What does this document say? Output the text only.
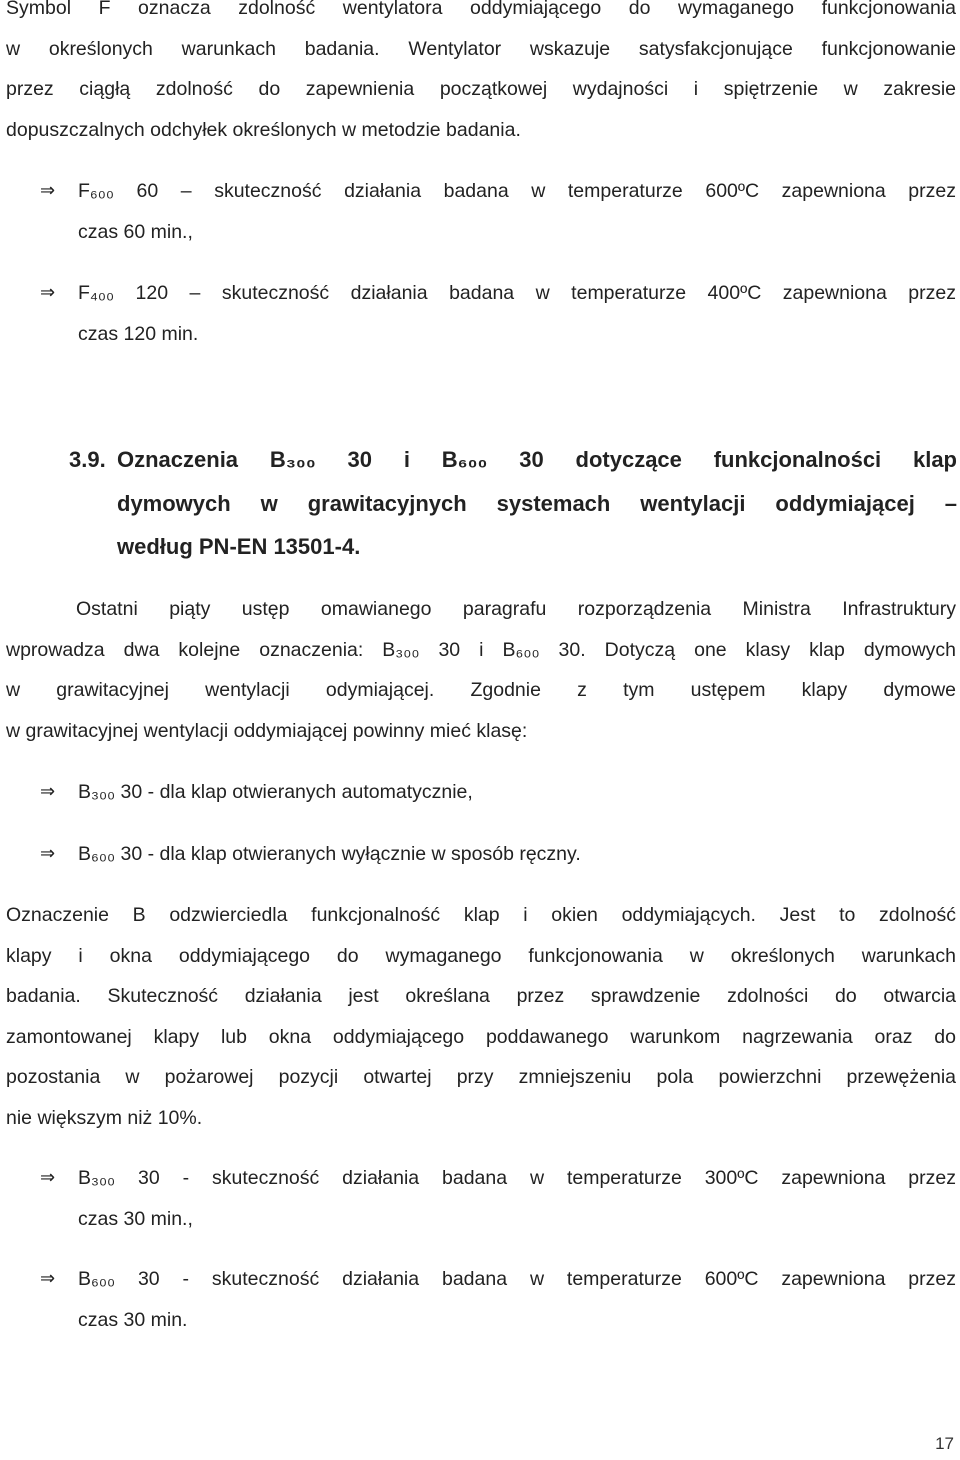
Symbol F oznacza zdolność wentylatora oddymiającego do wymaganego funkcjonowania
w określonych warunkach badania. Wentylator wskazuje satysfakcjonujące funkcjonowanie
przez ciągłą zdolność do zapewnienia początkowej wydajności i spiętrzenie w zakresie
dopuszczalnych odchyłek określonych w metodzie badania.

⇒	F₆₀₀ 60 – skuteczność działania badana w temperaturze 600ºC zapewniona przez
czas 60 min.,
⇒	F₄₀₀ 120 – skuteczność działania badana w temperaturze 400ºC zapewniona przez
czas 120 min.
3.9. Oznaczenia B₃₀₀ 30 i B₆₀₀ 30 dotyczące funkcjonalności klap
dymowych w grawitacyjnych systemach wentylacji oddymiającej –
według PN-EN 13501-4.

Ostatni piąty ustęp omawianego paragrafu rozporządzenia Ministra Infrastruktury
wprowadza dwa kolejne oznaczenia: B₃₀₀ 30 i B₆₀₀ 30. Dotyczą one klasy klap dymowych
w grawitacyjnej wentylacji odymiającej. Zgodnie z tym ustępem klapy dymowe
w grawitacyjnej wentylacji oddymiającej powinny mieć klasę:

⇒	B₃₀₀ 30 - dla klap otwieranych automatycznie,
⇒	B₆₀₀ 30 - dla klap otwieranych wyłącznie w sposób ręczny.

Oznaczenie B odzwierciedla funkcjonalność klap i okien oddymiających. Jest to zdolność
klapy i okna oddymiającego do wymaganego funkcjonowania w określonych warunkach
badania. Skuteczność działania jest określana przez sprawdzenie zdolności do otwarcia
zamontowanej klapy lub okna oddymiającego poddawanego warunkom nagrzewania oraz do
pozostania w pożarowej pozycji otwartej przy zmniejszeniu pola powierzchni przewężenia
nie większym niż 10%.

⇒	B₃₀₀ 30 - skuteczność działania badana w temperaturze 300ºC zapewniona przez
czas 30 min.,
⇒	B₆₀₀ 30 - skuteczność działania badana w temperaturze 600ºC zapewniona przez
czas 30 min.
17
